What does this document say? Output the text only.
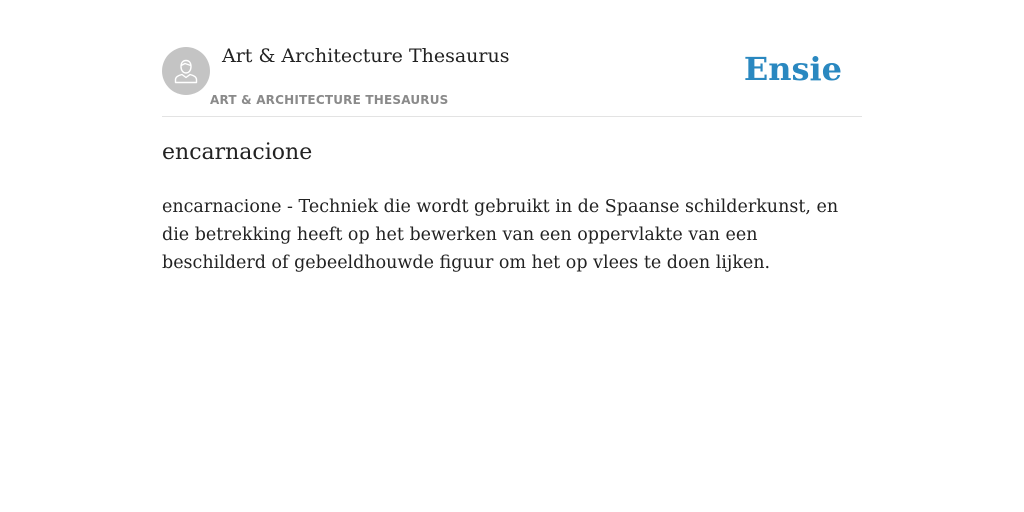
Art & Architecture Thesaurus
ART & ARCHITECTURE THESAURUS
Ensie
encarnacione

encarnacione - Techniek die wordt gebruikt in de Spaanse schilderkunst, en die betrekking heeft op het bewerken van een oppervlakte van een beschilderd of gebeeldhouwde figuur om het op vlees te doen lijken.
